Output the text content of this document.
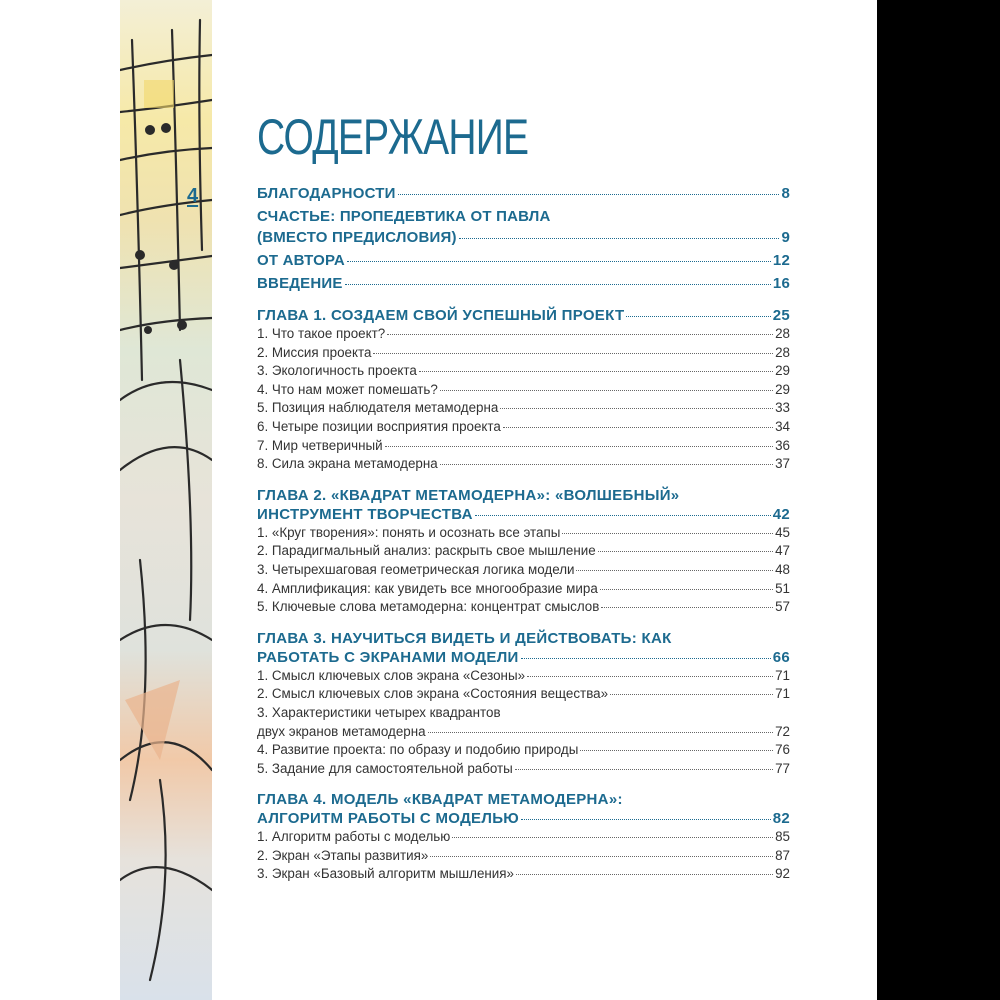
4
СОДЕРЖАНИЕ
БЛАГОДАРНОСТИ	8
СЧАСТЬЕ: ПРОПЕДЕВТИКА ОТ ПАВЛА
(ВМЕСТО ПРЕДИСЛОВИЯ)	9
ОТ АВТОРА	12
ВВЕДЕНИЕ	16
ГЛАВА 1. СОЗДАЕМ СВОЙ УСПЕШНЫЙ ПРОЕКТ	25
1. Что такое проект?	28
2. Миссия проекта	28
3. Экологичность проекта	29
4. Что нам может помешать?	29
5. Позиция наблюдателя метамодерна	33
6. Четыре позиции восприятия проекта	34
7. Мир четверичный	36
8. Сила экрана метамодерна	37
ГЛАВА 2. «КВАДРАТ МЕТАМОДЕРНА»: «ВОЛШЕБНЫЙ»
ИНСТРУМЕНТ ТВОРЧЕСТВА	42
1. «Круг творения»: понять и осознать все этапы	45
2. Парадигмальный анализ: раскрыть свое мышление	47
3. Четырехшаговая геометрическая логика модели	48
4. Амплификация: как увидеть все многообразие мира	51
5. Ключевые слова метамодерна: концентрат смыслов	57
ГЛАВА 3. НАУЧИТЬСЯ ВИДЕТЬ И ДЕЙСТВОВАТЬ: КАК
РАБОТАТЬ С ЭКРАНАМИ МОДЕЛИ	66
1. Смысл ключевых слов экрана «Сезоны»	71
2. Смысл ключевых слов экрана «Состояния вещества»	71
3. Характеристики четырех квадрантов
двух экранов метамодерна	72
4. Развитие проекта: по образу и подобию природы	76
5. Задание для самостоятельной работы	77
ГЛАВА 4. МОДЕЛЬ «КВАДРАТ МЕТАМОДЕРНА»:
АЛГОРИТМ РАБОТЫ С МОДЕЛЬЮ	82
1. Алгоритм работы с моделью	85
2. Экран «Этапы развития»	87
3. Экран «Базовый алгоритм мышления»	92
